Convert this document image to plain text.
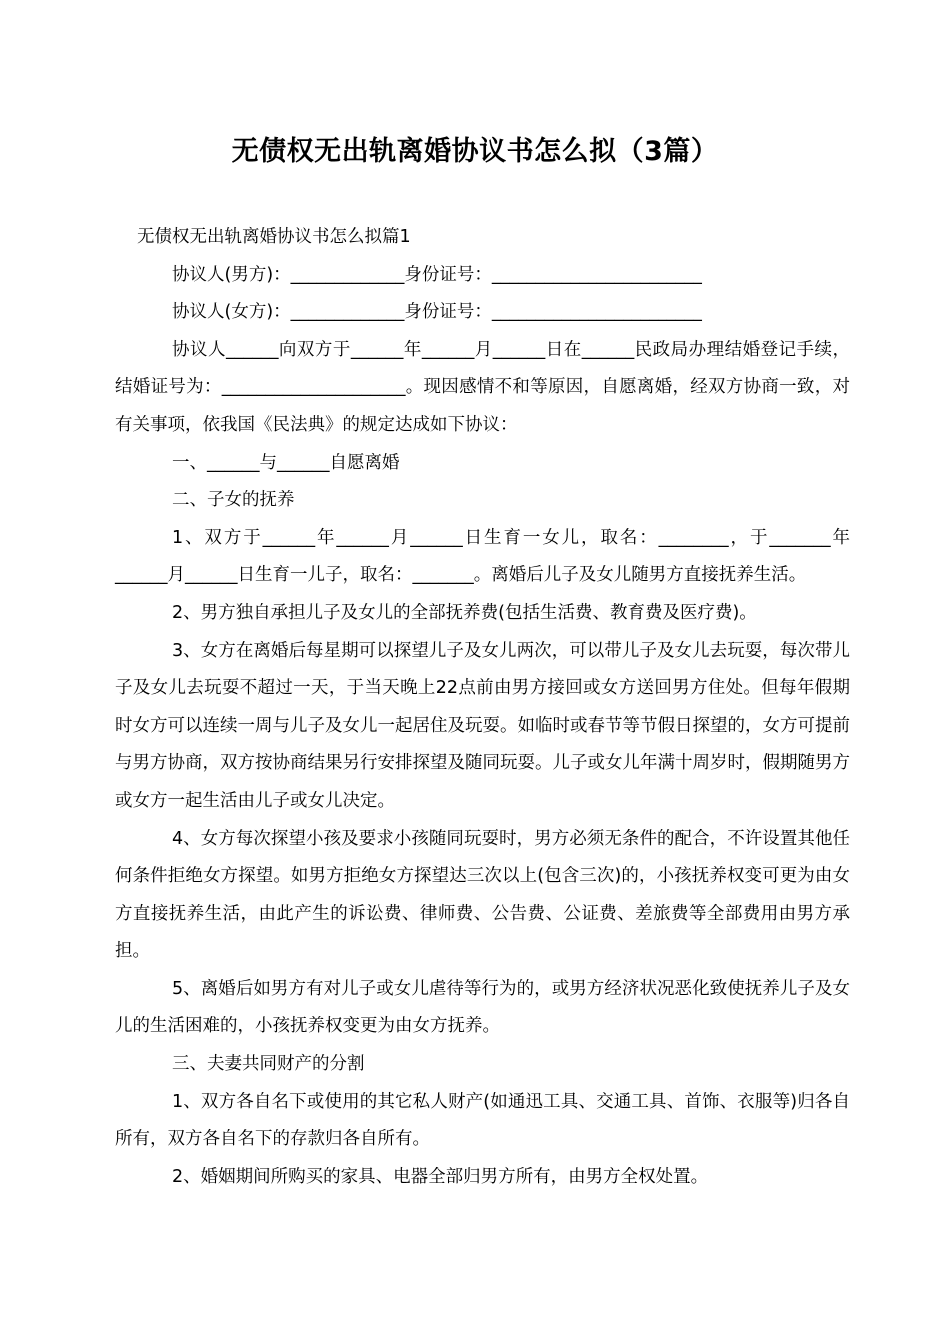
无债权无出轨离婚协议书怎么拟（3篇）

无债权无出轨离婚协议书怎么拟篇1

协议人(男方)：_____________身份证号：________________________

协议人(女方)：_____________身份证号：________________________

协议人______向双方于______年______月______日在______民政局办理结婚登记手续，结婚证号为：_____________________。现因感情不和等原因，自愿离婚，经双方协商一致，对有关事项，依我国《民法典》的规定达成如下协议：

一、______与______自愿离婚

二、子女的抚养

1、双方于______年______月______日生育一女儿，取名：________，于_______年______月______日生育一儿子，取名：_______。离婚后儿子及女儿随男方直接抚养生活。

2、男方独自承担儿子及女儿的全部抚养费(包括生活费、教育费及医疗费)。

3、女方在离婚后每星期可以探望儿子及女儿两次，可以带儿子及女儿去玩耍，每次带儿子及女儿去玩耍不超过一天，于当天晚上22点前由男方接回或女方送回男方住处。但每年假期时女方可以连续一周与儿子及女儿一起居住及玩耍。如临时或春节等节假日探望的，女方可提前与男方协商，双方按协商结果另行安排探望及随同玩耍。儿子或女儿年满十周岁时，假期随男方或女方一起生活由儿子或女儿决定。

4、女方每次探望小孩及要求小孩随同玩耍时，男方必须无条件的配合，不许设置其他任何条件拒绝女方探望。如男方拒绝女方探望达三次以上(包含三次)的，小孩抚养权变可更为由女方直接抚养生活，由此产生的诉讼费、律师费、公告费、公证费、差旅费等全部费用由男方承担。

5、离婚后如男方有对儿子或女儿虐待等行为的，或男方经济状况恶化致使抚养儿子及女儿的生活困难的，小孩抚养权变更为由女方抚养。

三、夫妻共同财产的分割

1、双方各自名下或使用的其它私人财产(如通迅工具、交通工具、首饰、衣服等)归各自所有，双方各自名下的存款归各自所有。

2、婚姻期间所购买的家具、电器全部归男方所有，由男方全权处置。
